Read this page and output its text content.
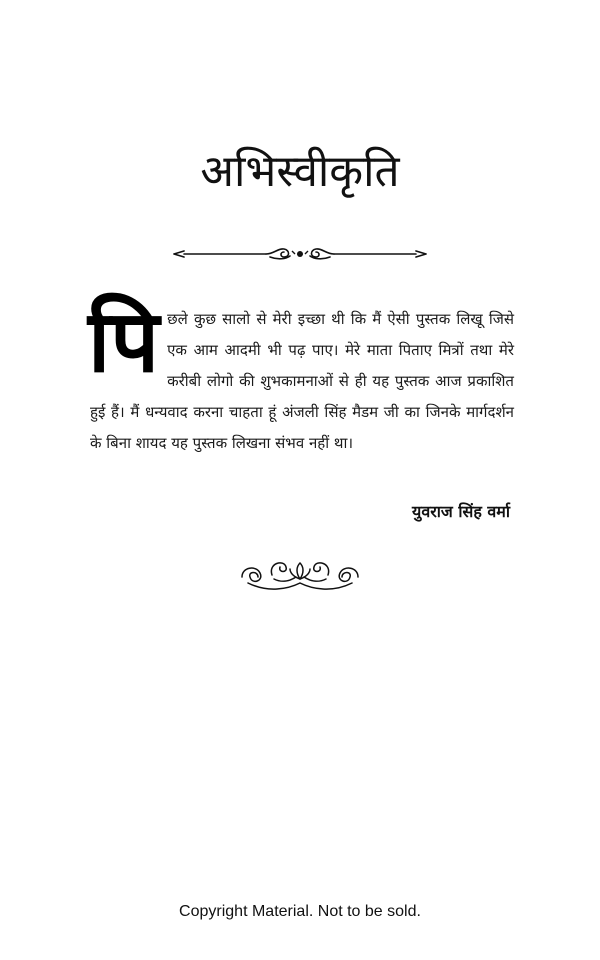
अभिस्वीकृति
पि छले कुछ सालो से मेरी इच्छा थी कि मैं ऐसी पुस्तक लिखू जिसे एक आम आदमी भी पढ़ पाए। मेरे माता पिताए मित्रों तथा मेरे करीबी लोगो की शुभकामनाओं से ही यह पुस्तक आज प्रकाशित हुई हैं। मैं धन्यवाद करना चाहता हूं अंजली सिंह मैडम जी का जिनके मार्गदर्शन के बिना शायद यह पुस्तक लिखना संभव नहीं था।

युवराज सिंह वर्मा
Copyright Material. Not to be sold.
